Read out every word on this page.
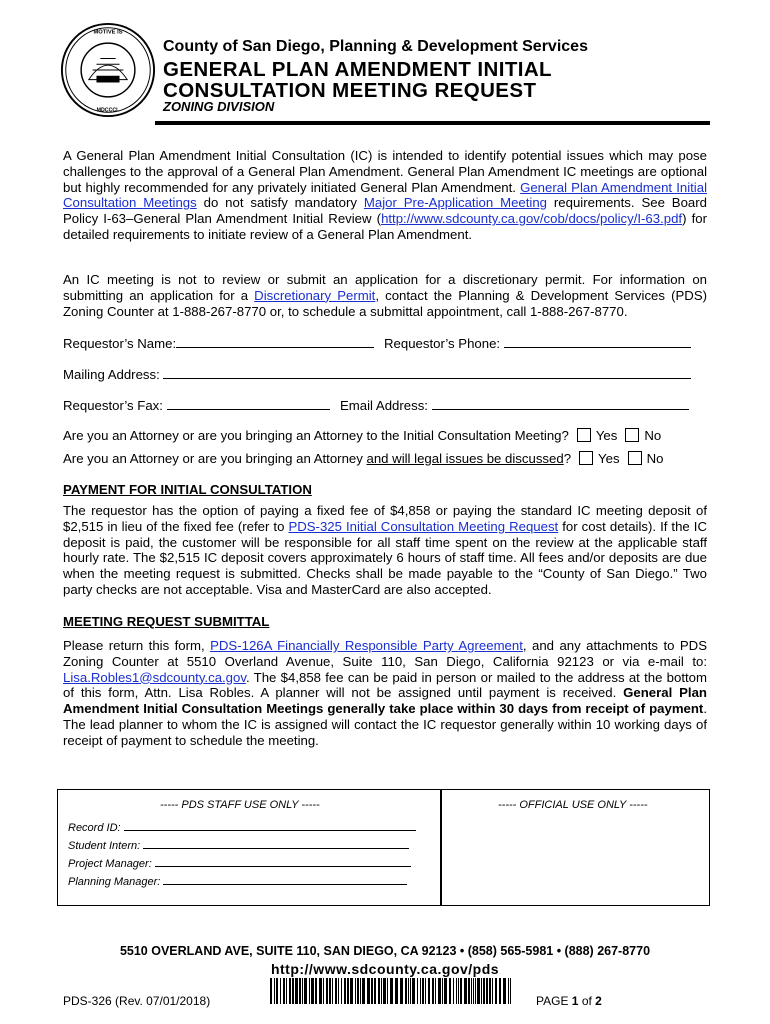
MOTIVE IS
MDCCCL
County of San Diego, Planning & Development Services
GENERAL PLAN AMENDMENT INITIAL
CONSULTATION MEETING REQUEST
ZONING DIVISION
A General Plan Amendment Initial Consultation (IC) is intended to identify potential issues which may pose challenges to the approval of a General Plan Amendment. General Plan Amendment IC meetings are optional but highly recommended for any privately initiated General Plan Amendment. General Plan Amendment Initial Consultation Meetings do not satisfy mandatory Major Pre-Application Meeting requirements. See Board Policy I-63–General Plan Amendment Initial Review (http://www.sdcounty.ca.gov/cob/docs/policy/I-63.pdf) for detailed requirements to initiate review of a General Plan Amendment.
An IC meeting is not to review or submit an application for a discretionary permit. For information on submitting an application for a Discretionary Permit, contact the Planning & Development Services (PDS) Zoning Counter at 1-888-267-8770 or, to schedule a submittal appointment, call 1-888-267-8770.
Requestor’s Name:	Requestor’s Phone:
Mailing Address:
Requestor’s Fax:	Email Address:
Are you an Attorney or are you bringing an Attorney to the Initial Consultation Meeting? Yes No
Are you an Attorney or are you bringing an Attorney and will legal issues be discussed? Yes No
PAYMENT FOR INITIAL CONSULTATION
The requestor has the option of paying a fixed fee of $4,858 or paying the standard IC meeting deposit of $2,515 in lieu of the fixed fee (refer to PDS-325 Initial Consultation Meeting Request for cost details). If the IC deposit is paid, the customer will be responsible for all staff time spent on the review at the applicable staff hourly rate. The $2,515 IC deposit covers approximately 6 hours of staff time. All fees and/or deposits are due when the meeting request is submitted. Checks shall be made payable to the “County of San Diego.” Two party checks are not acceptable. Visa and MasterCard are also accepted.
MEETING REQUEST SUBMITTAL
Please return this form, PDS-126A Financially Responsible Party Agreement, and any attachments to PDS Zoning Counter at 5510 Overland Avenue, Suite 110, San Diego, California 92123 or via e-mail to: Lisa.Robles1@sdcounty.ca.gov. The $4,858 fee can be paid in person or mailed to the address at the bottom of this form, Attn. Lisa Robles. A planner will not be assigned until payment is received. General Plan Amendment Initial Consultation Meetings generally take place within 30 days from receipt of payment. The lead planner to whom the IC is assigned will contact the IC requestor generally within 10 working days of receipt of payment to schedule the meeting.
----- PDS STAFF USE ONLY -----	----- OFFICIAL USE ONLY -----
Record ID:
Student Intern:
Project Manager:
Planning Manager:
5510 OVERLAND AVE, SUITE 110, SAN DIEGO, CA 92123 • (858) 565-5981 • (888) 267-8770
http://www.sdcounty.ca.gov/pds
PDS-326 (Rev. 07/01/2018)	PAGE 1 of 2
